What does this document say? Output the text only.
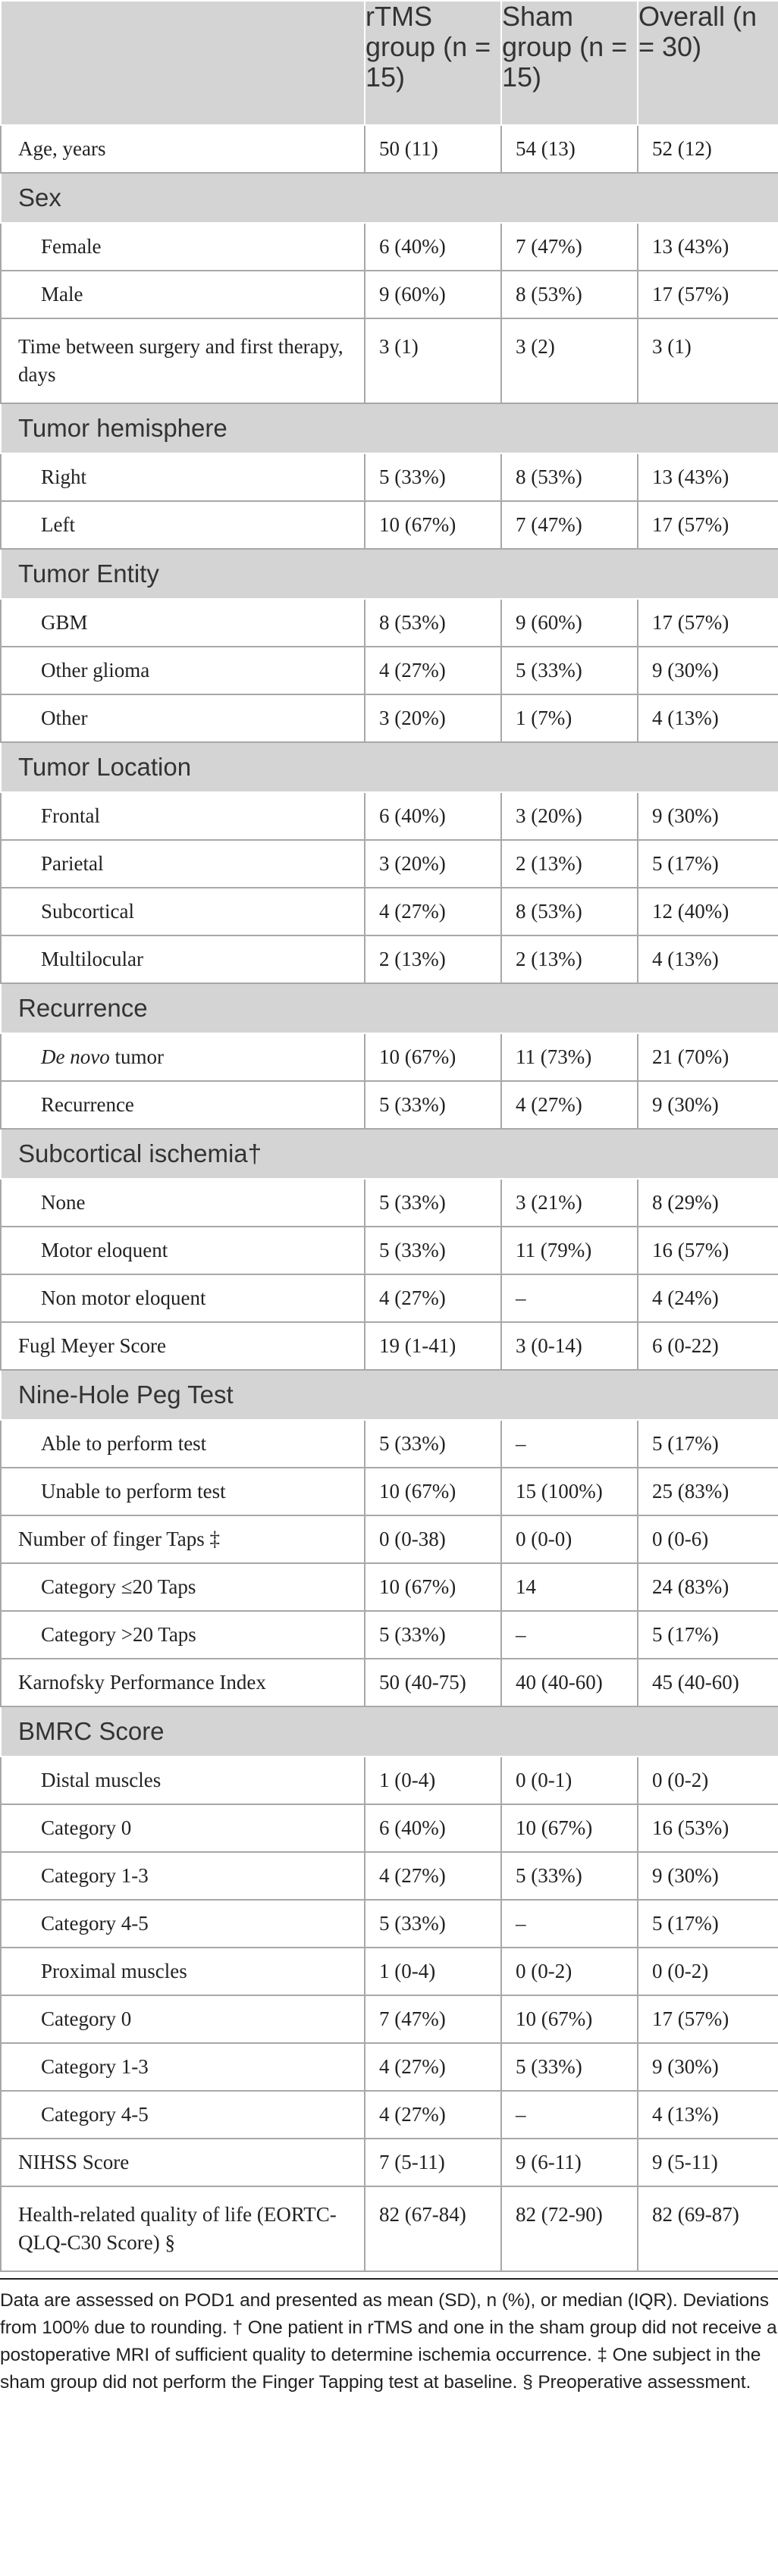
	rTMS group (n = 15)	Sham group (n = 15)	Overall (n = 30)
Age, years	50 (11)	54 (13)	52 (12)
Sex			
Female	6 (40%)	7 (47%)	13 (43%)
Male	9 (60%)	8 (53%)	17 (57%)
Time between surgery and first therapy, days	3 (1)	3 (2)	3 (1)
Tumor hemisphere			
Right	5 (33%)	8 (53%)	13 (43%)
Left	10 (67%)	7 (47%)	17 (57%)
Tumor Entity			
GBM	8 (53%)	9 (60%)	17 (57%)
Other glioma	4 (27%)	5 (33%)	9 (30%)
Other	3 (20%)	1 (7%)	4 (13%)
Tumor Location			
Frontal	6 (40%)	3 (20%)	9 (30%)
Parietal	3 (20%)	2 (13%)	5 (17%)
Subcortical	4 (27%)	8 (53%)	12 (40%)
Multilocular	2 (13%)	2 (13%)	4 (13%)
Recurrence			
De novo tumor	10 (67%)	11 (73%)	21 (70%)
Recurrence	5 (33%)	4 (27%)	9 (30%)
Subcortical ischemia†			
None	5 (33%)	3 (21%)	8 (29%)
Motor eloquent	5 (33%)	11 (79%)	16 (57%)
Non motor eloquent	4 (27%)	–	4 (24%)
Fugl Meyer Score	19 (1-41)	3 (0-14)	6 (0-22)
Nine-Hole Peg Test			
Able to perform test	5 (33%)	–	5 (17%)
Unable to perform test	10 (67%)	15 (100%)	25 (83%)
Number of finger Taps ‡	0 (0-38)	0 (0-0)	0 (0-6)
Category ≤20 Taps	10 (67%)	14	24 (83%)
Category >20 Taps	5 (33%)	–	5 (17%)
Karnofsky Performance Index	50 (40-75)	40 (40-60)	45 (40-60)
BMRC Score			
Distal muscles	1 (0-4)	0 (0-1)	0 (0-2)
Category 0	6 (40%)	10 (67%)	16 (53%)
Category 1-3	4 (27%)	5 (33%)	9 (30%)
Category 4-5	5 (33%)	–	5 (17%)
Proximal muscles	1 (0-4)	0 (0-2)	0 (0-2)
Category 0	7 (47%)	10 (67%)	17 (57%)
Category 1-3	4 (27%)	5 (33%)	9 (30%)
Category 4-5	4 (27%)	–	4 (13%)
NIHSS Score	7 (5-11)	9 (6-11)	9 (5-11)
Health-related quality of life (EORTC-QLQ-C30 Score) §	82 (67-84)	82 (72-90)	82 (69-87)
Data are assessed on POD1 and presented as mean (SD), n (%), or median (IQR). Deviations from 100% due to rounding. † One patient in rTMS and one in the sham group did not receive a postoperative MRI of sufficient quality to determine ischemia occurrence. ‡ One subject in the sham group did not perform the Finger Tapping test at baseline. § Preoperative assessment.
